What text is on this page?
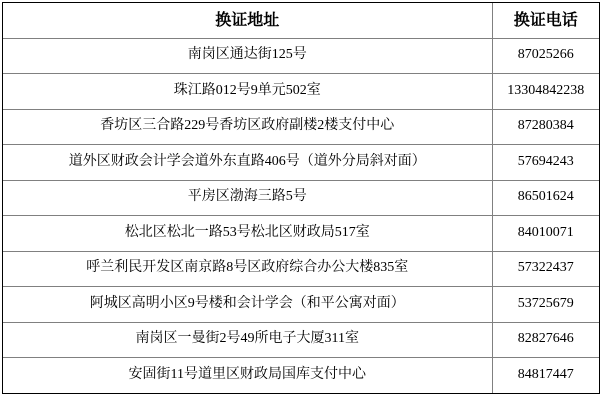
换证地址	换证电话
南岗区通达街125号	87025266
珠江路012号9单元502室	13304842238
香坊区三合路229号香坊区政府副楼2楼支付中心	87280384
道外区财政会计学会道外东直路406号（道外分局斜对面）	57694243
平房区渤海三路5号	86501624
松北区松北一路53号松北区财政局517室	84010071
呼兰利民开发区南京路8号区政府综合办公大楼835室	57322437
阿城区高明小区9号楼和会计学会（和平公寓对面）	53725679
南岗区一曼街2号49所电子大厦311室	82827646
安固街11号道里区财政局国库支付中心	84817447
